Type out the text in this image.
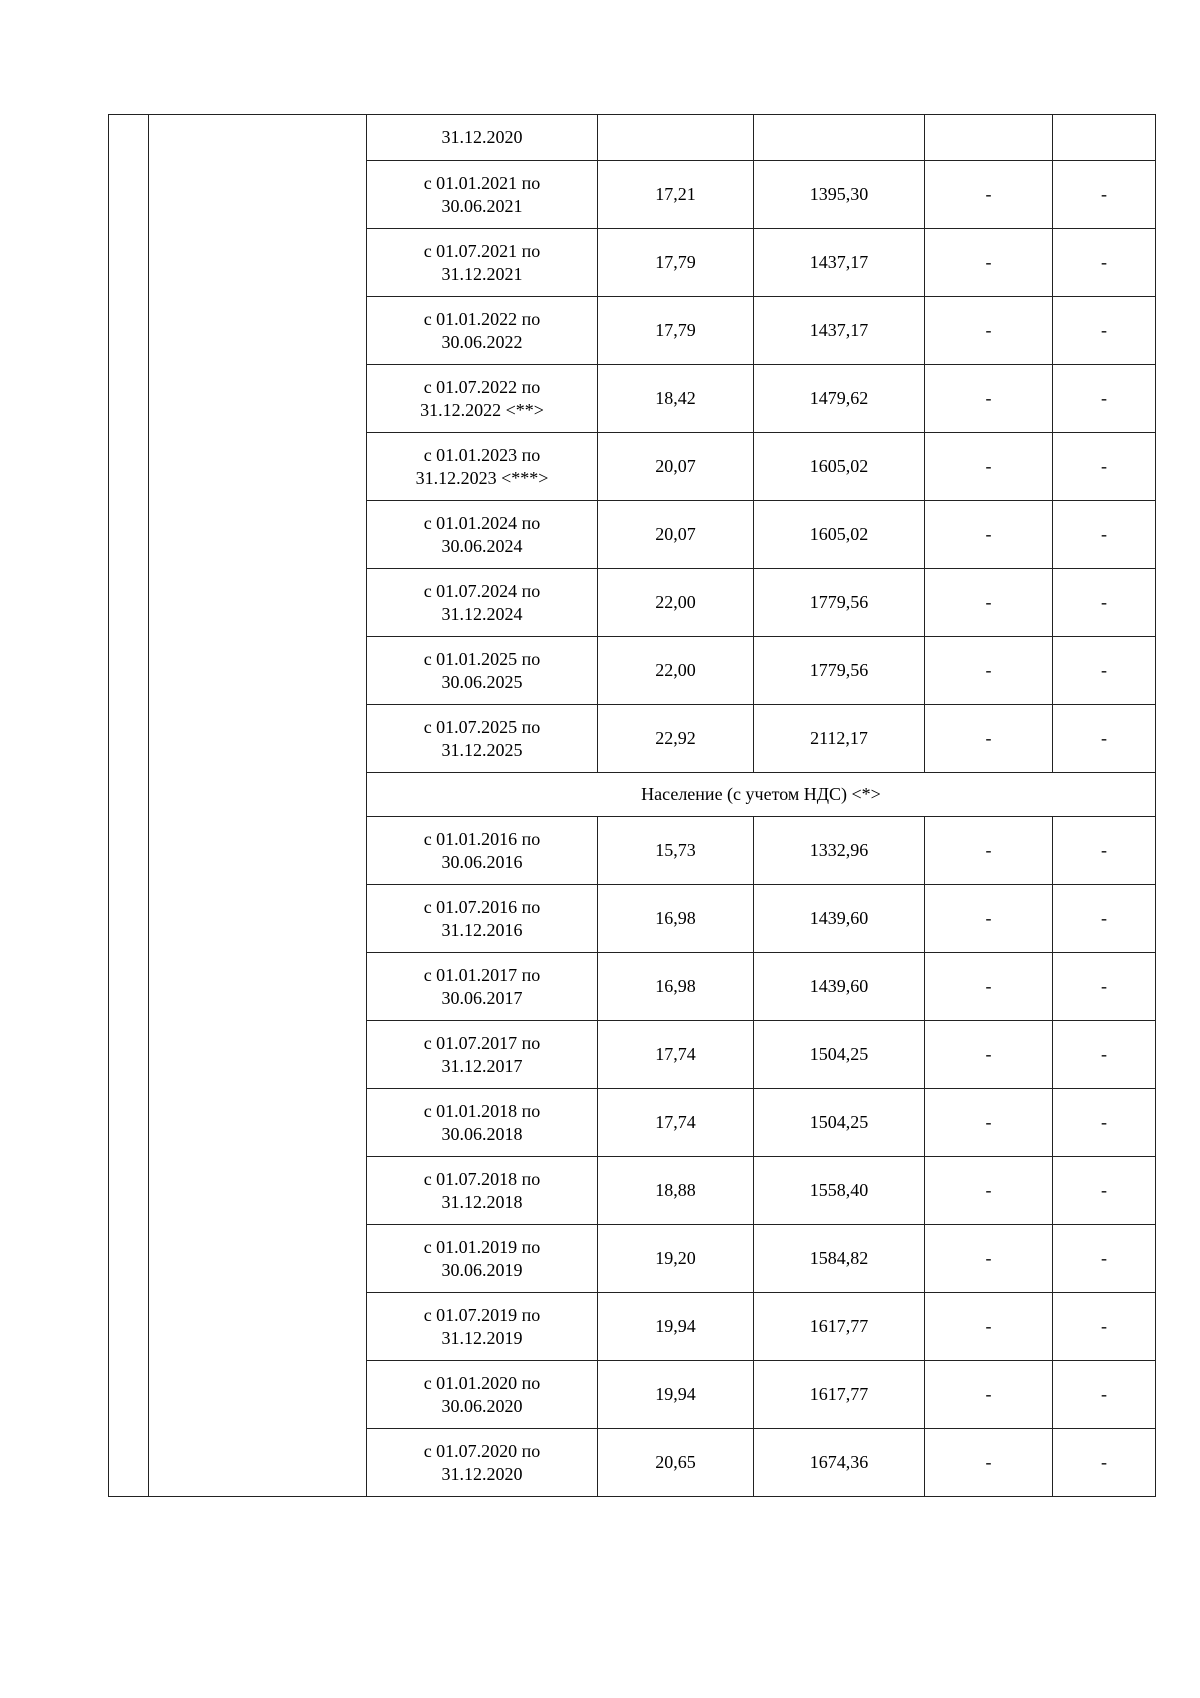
		31.12.2020				
		с 01.01.2021 по
30.06.2021	17,21	1395,30	-	-
		с 01.07.2021 по
31.12.2021	17,79	1437,17	-	-
		с 01.01.2022 по
30.06.2022	17,79	1437,17	-	-
		с 01.07.2022 по
31.12.2022 <**>	18,42	1479,62	-	-
		с 01.01.2023 по
31.12.2023 <***>	20,07	1605,02	-	-
		с 01.01.2024 по
30.06.2024	20,07	1605,02	-	-
		с 01.07.2024 по
31.12.2024	22,00	1779,56	-	-
		с 01.01.2025 по
30.06.2025	22,00	1779,56	-	-
		с 01.07.2025 по
31.12.2025	22,92	2112,17	-	-
		Население (с учетом НДС) <*>				
		с 01.01.2016 по
30.06.2016	15,73	1332,96	-	-
		с 01.07.2016 по
31.12.2016	16,98	1439,60	-	-
		с 01.01.2017 по
30.06.2017	16,98	1439,60	-	-
		с 01.07.2017 по
31.12.2017	17,74	1504,25	-	-
		с 01.01.2018 по
30.06.2018	17,74	1504,25	-	-
		с 01.07.2018 по
31.12.2018	18,88	1558,40	-	-
		с 01.01.2019 по
30.06.2019	19,20	1584,82	-	-
		с 01.07.2019 по
31.12.2019	19,94	1617,77	-	-
		с 01.01.2020 по
30.06.2020	19,94	1617,77	-	-
		с 01.07.2020 по
31.12.2020	20,65	1674,36	-	-
